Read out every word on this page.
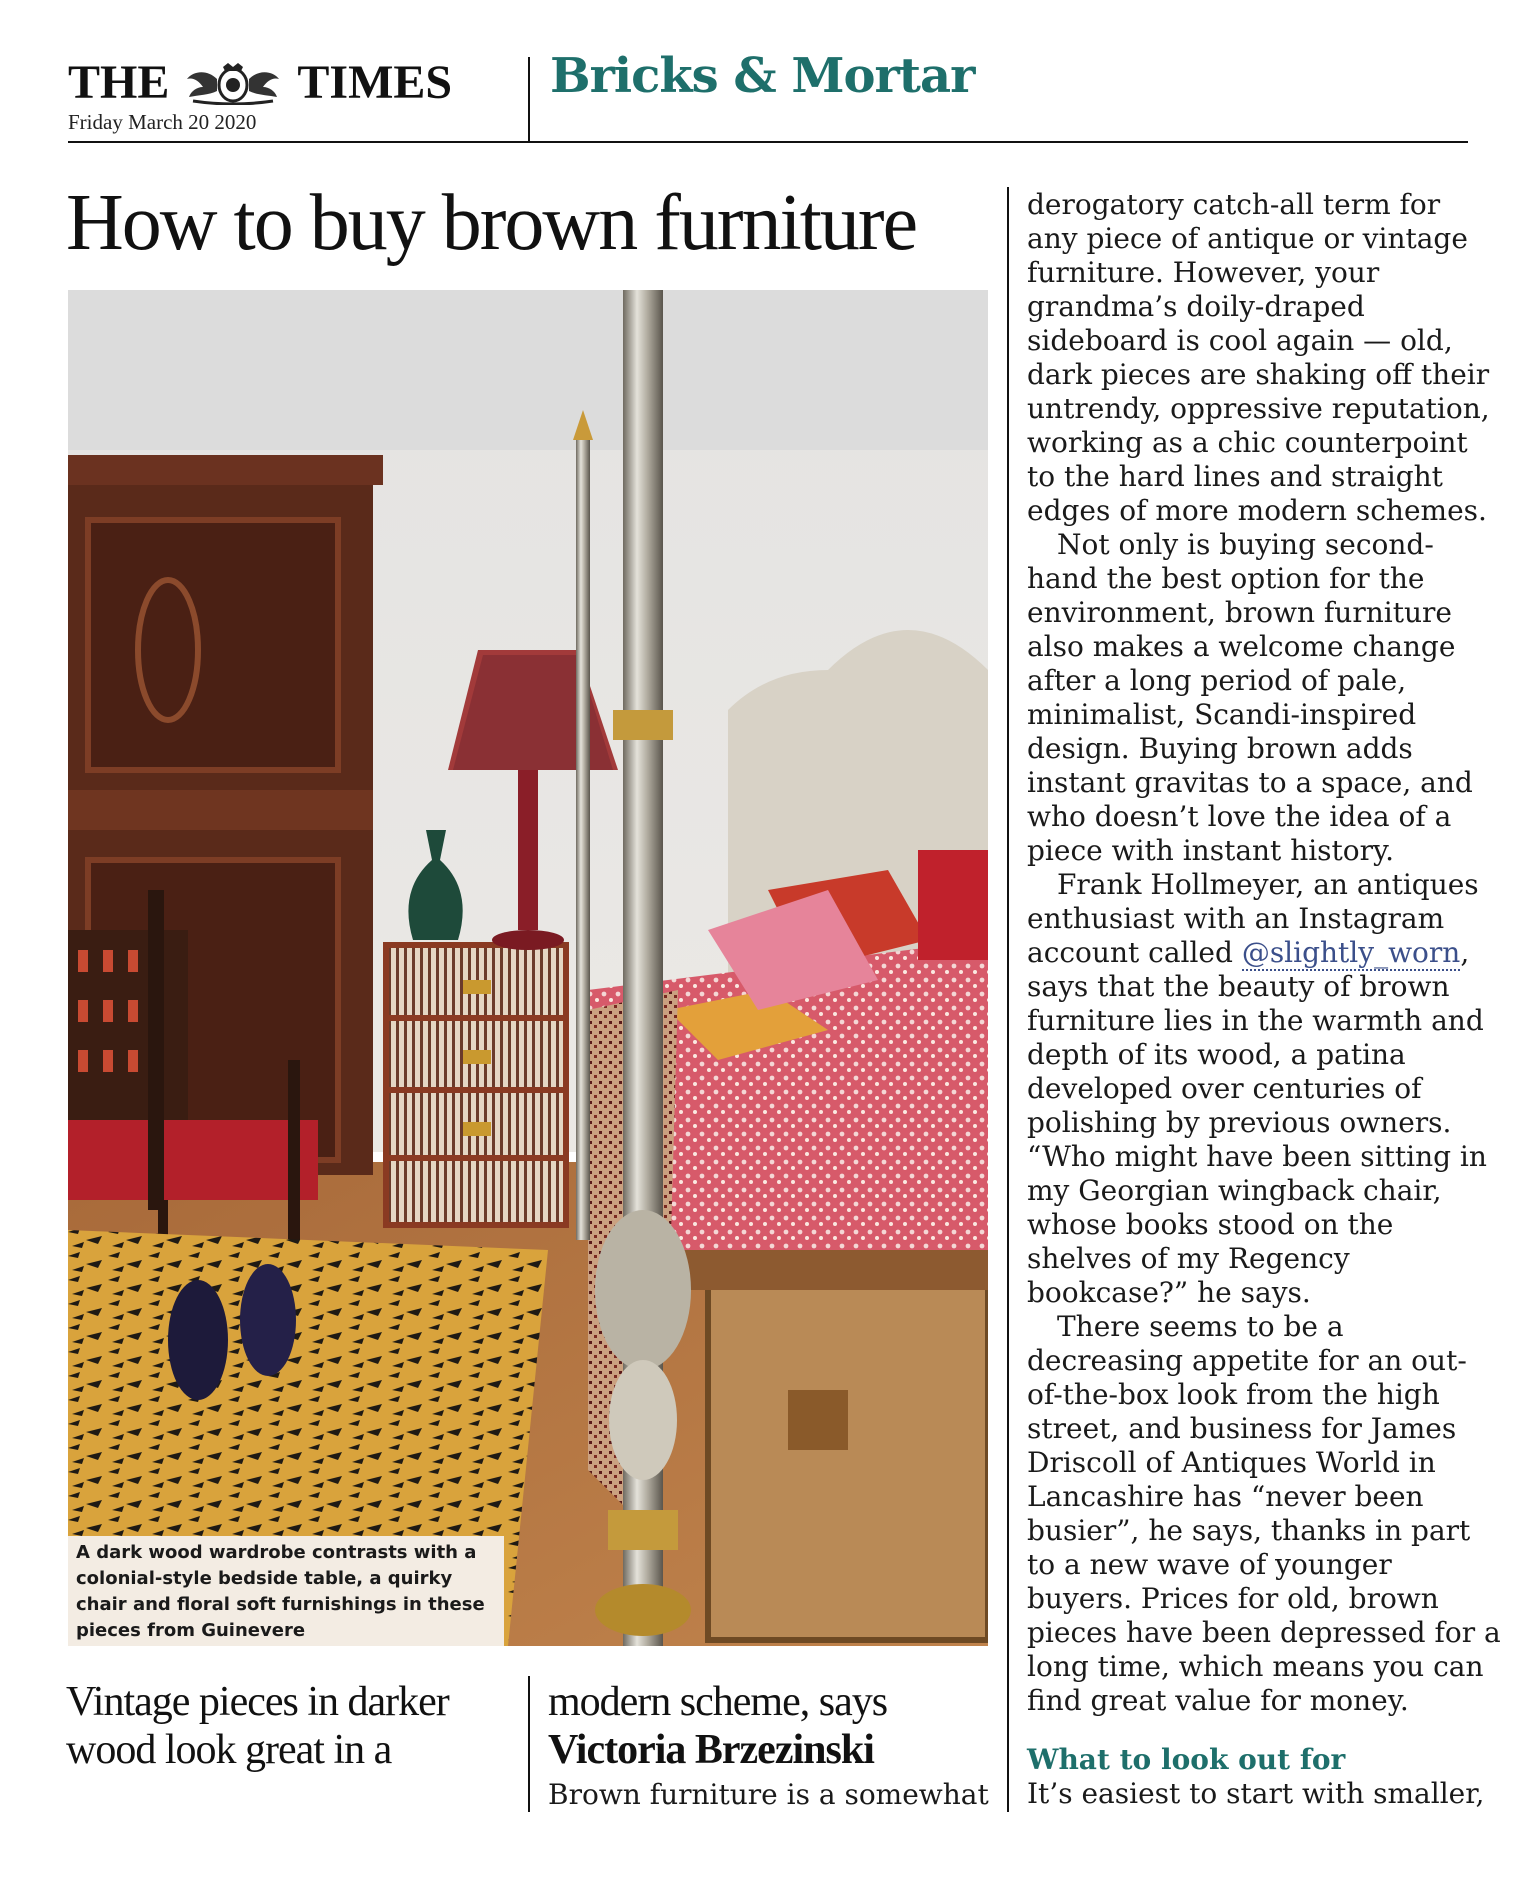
THE	TIMES
Friday March 20 2020
Bricks & Mortar
How to buy brown furniture
A dark wood wardrobe contrasts with a colonial-style bedside table, a quirky chair and floral soft furnishings in these pieces from Guinevere
Vintage pieces in darker wood look great in a
modern scheme, says
Victoria Brzezinski
Brown furniture is a somewhat
derogatory catch-all term for
any piece of antique or vintage
furniture. However, your
grandma’s doily-draped
sideboard is cool again — old,
dark pieces are shaking off their
untrendy, oppressive reputation,
working as a chic counterpoint
to the hard lines and straight
edges of more modern schemes.
Not only is buying second-
hand the best option for the
environment, brown furniture
also makes a welcome change
after a long period of pale,
minimalist, Scandi-inspired
design. Buying brown adds
instant gravitas to a space, and
who doesn’t love the idea of a
piece with instant history.
Frank Hollmeyer, an antiques
enthusiast with an Instagram
account called @slightly_worn,
says that the beauty of brown
furniture lies in the warmth and
depth of its wood, a patina
developed over centuries of
polishing by previous owners.
“Who might have been sitting in
my Georgian wingback chair,
whose books stood on the
shelves of my Regency
bookcase?” he says.
There seems to be a
decreasing appetite for an out-
of-the-box look from the high
street, and business for James
Driscoll of Antiques World in
Lancashire has “never been
busier”, he says, thanks in part
to a new wave of younger
buyers. Prices for old, brown
pieces have been depressed for a
long time, which means you can
find great value for money.
What to look out for
It’s easiest to start with smaller,
